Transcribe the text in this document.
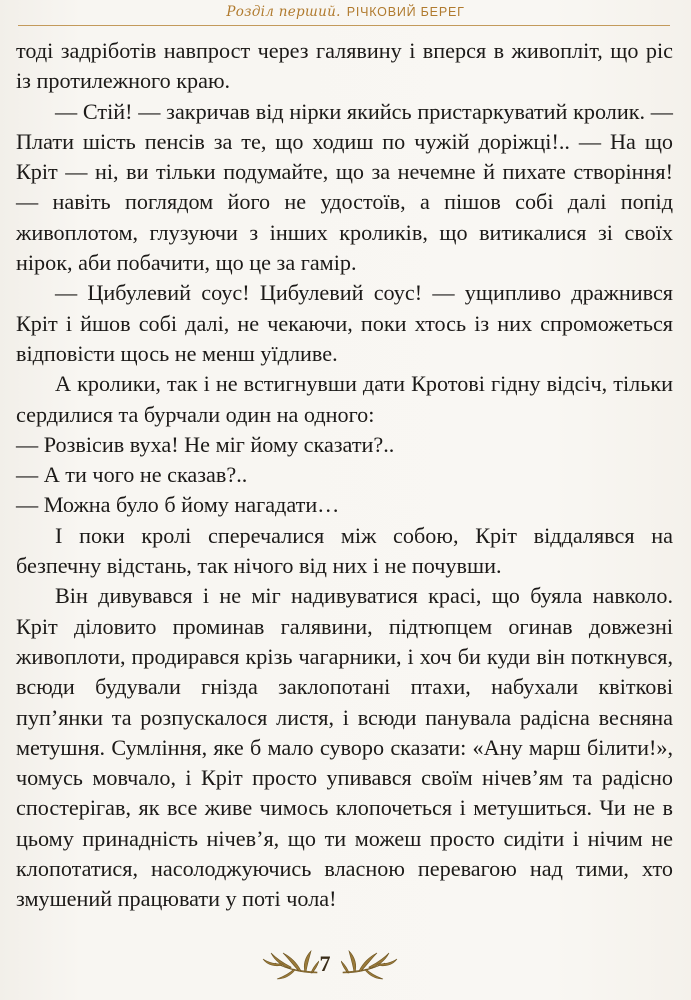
Розділ перший. РІЧКОВИЙ БЕРЕГ

тоді задріботів навпрост через галявину і вперся в живопліт, що ріс із протилежного краю.

— Стій! — закричав від нірки якийсь пристаркуватий кролик. — Плати шість пенсів за те, що ходиш по чужій доріжці!.. — На що Кріт — ні, ви тільки подумайте, що за нечемне й пихате створіння! — навіть поглядом його не удостоїв, а пішов собі далі попід живоплотом, глузуючи з інших кроликів, що витикалися зі своїх нірок, аби побачити, що це за гамір.

— Цибулевий соус! Цибулевий соус! — ущипливо дражнився Кріт і йшов собі далі, не чекаючи, поки хтось із них спроможеться відповісти щось не менш уїдливе.

А кролики, так і не встигнувши дати Кротові гідну відсіч, тільки сердилися та бурчали один на одного:

— Розвісив вуха! Не міг йому сказати?..

— А ти чого не сказав?..

— Можна було б йому нагадати…

І поки кролі сперечалися між собою, Кріт віддалявся на безпечну відстань, так нічого від них і не почувши.

Він дивувався і не міг надивуватися красі, що буяла навколо. Кріт діловито проминав галявини, підтюпцем огинав довжезні живоплоти, продирався крізь чагарники, і хоч би куди він поткнувся, всюди будували гнізда заклопотані птахи, набухали квіткові пуп’янки та розпускалося листя, і всюди панувала радісна весняна метушня. Сумління, яке б мало суворо сказати: «Ану марш білити!», чомусь мовчало, і Кріт просто упивався своїм нічев’ям та радісно спостерігав, як все живе чимось клопочеться і метушиться. Чи не в цьому принадність нічев’я, що ти можеш просто сидіти і нічим не клопотатися, насолоджуючись власною перевагою над тими, хто змушений працювати у поті чола!

7
